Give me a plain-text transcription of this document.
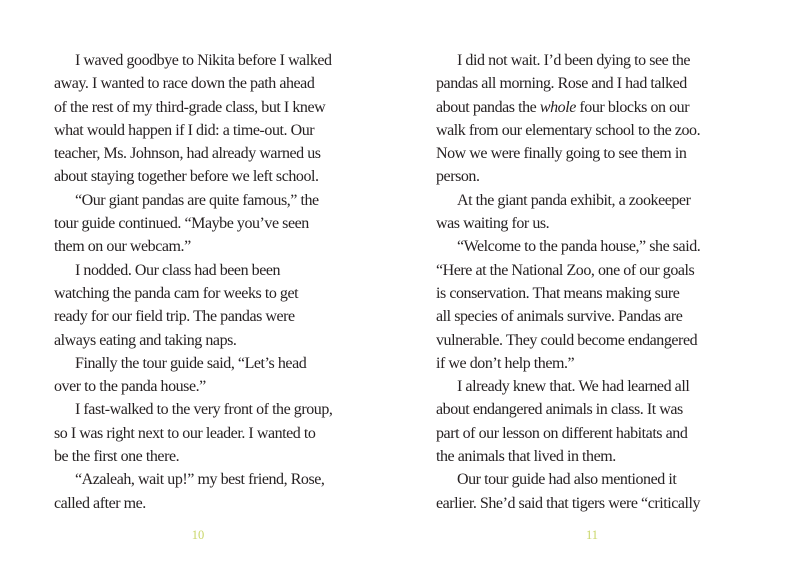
I waved goodbye to Nikita before I walked
away. I wanted to race down the path ahead
of the rest of my third-grade class, but I knew
what would happen if I did: a time-out. Our
teacher, Ms. Johnson, had already warned us
about staying together before we left school.
“Our giant pandas are quite famous,” the
tour guide continued. “Maybe you’ve seen
them on our webcam.”
I nodded. Our class had been been
watching the panda cam for weeks to get
ready for our field trip. The pandas were
always eating and taking naps.
Finally the tour guide said, “Let’s head
over to the panda house.”
I fast-walked to the very front of the group,
so I was right next to our leader. I wanted to
be the first one there.
“Azaleah, wait up!” my best friend, Rose,
called after me.
10
I did not wait. I’d been dying to see the
pandas all morning. Rose and I had talked
about pandas the whole four blocks on our
walk from our elementary school to the zoo.
Now we were finally going to see them in
person.
At the giant panda exhibit, a zookeeper
was waiting for us.
“Welcome to the panda house,” she said.
“Here at the National Zoo, one of our goals
is conservation. That means making sure
all species of animals survive. Pandas are
vulnerable. They could become endangered
if we don’t help them.”
I already knew that. We had learned all
about endangered animals in class. It was
part of our lesson on different habitats and
the animals that lived in them.
Our tour guide had also mentioned it
earlier. She’d said that tigers were “critically
11
